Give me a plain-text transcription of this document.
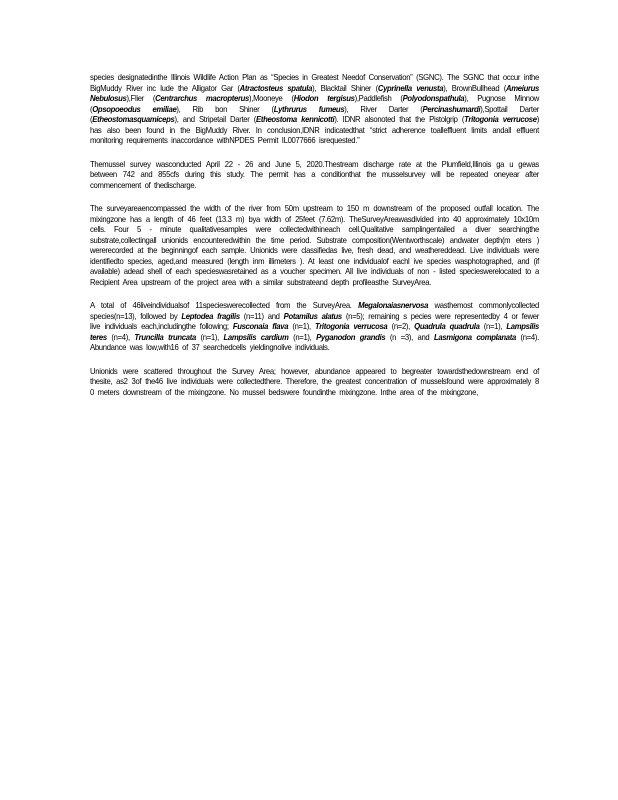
species designatedinthe Illinois Wildlife Action Plan as “Species in Greatest Needof Conservation” (SGNC). The SGNC that occur inthe BigMuddy River inc lude the Alligator Gar (Atractosteus spatula), Blacktail Shiner (Cyprinella venusta), BrownBullhead (Ameiurus Nebulosus),Flier (Centrarchus macropterus),Mooneye (Hiodon tergisus),Paddlefish (Polyodonspathula), Pugnose Minnow (Opsopoeodus emiliae), Rib bon Shiner (Lythrurus fumeus), River Darter (Percinashumardi),Spottail Darter (Etheostomasquamiceps), and Stripetail Darter (Etheostoma kennicotti). IDNR alsonoted that the Pistolgrip (Tritogonia verrucose) has also been found in the BigMuddy River. In conclusion,IDNR indicatedthat “strict adherence toalleffluent limits andall effluent monitoring requirements inaccordance withNPDES Permit IL0077666 isrequested.”

Themussel survey wasconducted April 22 - 26 and June 5, 2020.Thestream discharge rate at the Plumfield,Illinois ga u gewas between 742 and 855cfs during this study. The permit has a conditionthat the musselsurvey will be repeated oneyear after commencement of thedischarge.

The surveyareaencompassed the width of the river from 50m upstream to 150 m downstream of the proposed outfall location. The mixingzone has a length of 46 feet (13.3 m) bya width of 25feet (7.62m). TheSurveyAreawasdivided into 40 approximately 10x10m cells. Four 5 - minute qualitativesamples were collectedwithineach cell.Qualitative samplingentailed a diver searchingthe substrate,collectingall unionids encounteredwithin the time period. Substrate composition(Wentworthscale) andwater depth(m eters ) wererecorded at the beginningof each sample. Unionids were classifiedas live, fresh dead, and weathereddead. Live individuals were identifiedto species, aged,and measured (length inm illimeters ). At least one individualof eachl ive species wasphotographed, and (if available) adead shell of each specieswasretained as a voucher specimen. All live individuals of non - listed specieswerelocated to a Recipient Area upstream of the project area with a similar substrateand depth profileasthe SurveyArea.

A total of 46liveindividualsof 11specieswerecollected from the SurveyArea. Megalonaiasnervosa wasthemost commonlycollected species(n=13), followed by Leptodea fragilis (n=11) and Potamilus alatus (n=5); remaining s pecies were representedby 4 or fewer live individuals each,includingthe following; Fusconaia flava (n=1), Tritogonia verrucosa (n=2), Quadrula quadrula (n=1), Lampsilis teres (n=4), Truncilla truncata (n=1), Lampsilis cardium (n=1), Pyganodon grandis (n =3), and Lasmigona complanata (n=4). Abundance was low,with16 of 37 searchedcells yieldingnolive individuals.

Unionids were scattered throughout the Survey Area; however, abundance appeared to begreater towardsthedownstream end of thesite, as2 3of the46 live individuals were collectedthere. Therefore, the greatest concentration of musselsfound were approximately 8 0 meters downstream of the mixingzone. No mussel bedswere foundinthe mixingzone. Inthe area of the mixingzone,
